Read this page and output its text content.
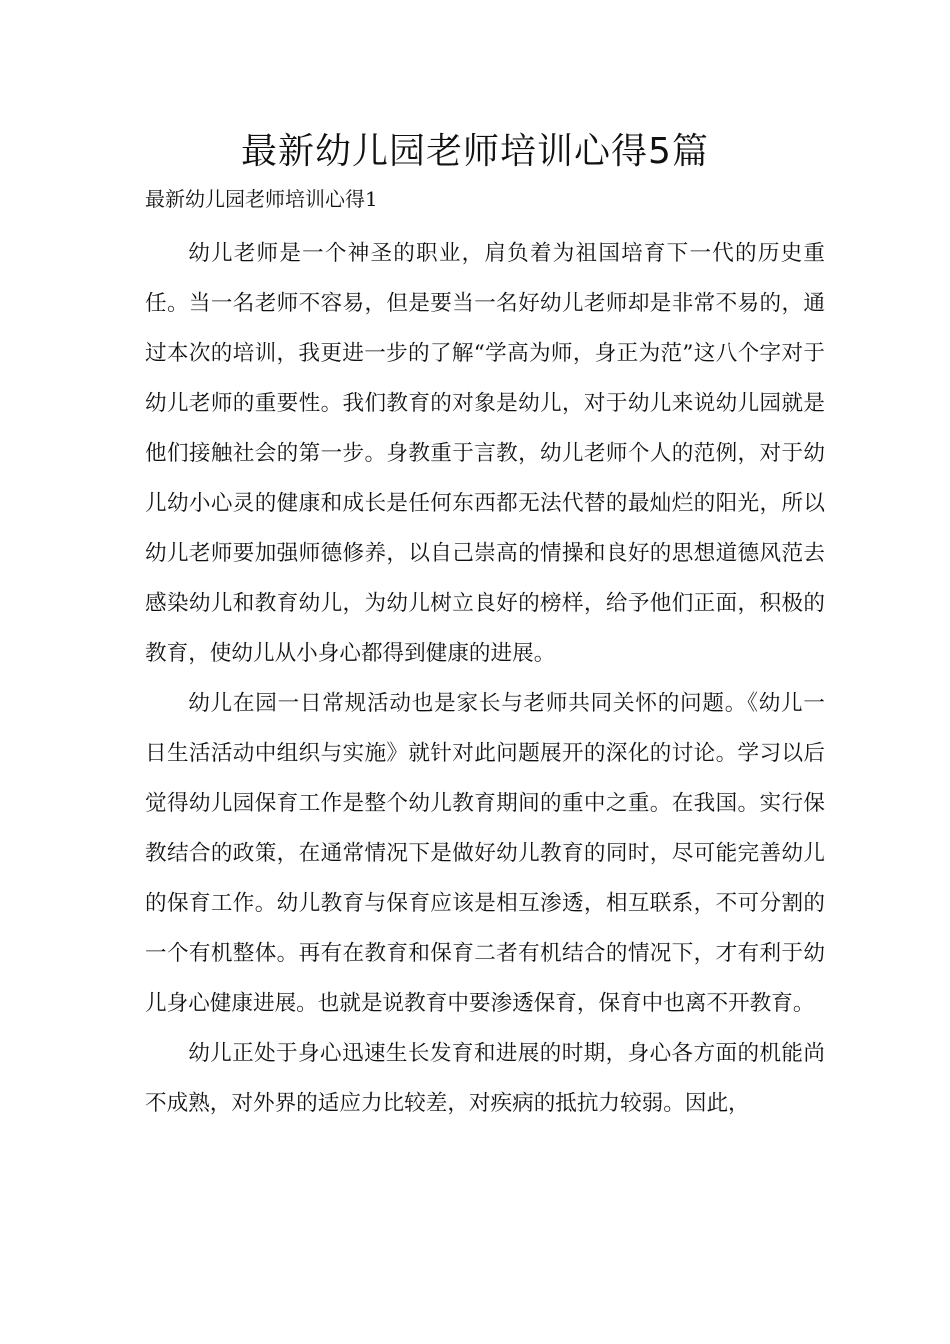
最新幼儿园老师培训心得5篇
最新幼儿园老师培训心得1

幼儿老师是一个神圣的职业，肩负着为祖国培育下一代的历史重任。当一名老师不容易，但是要当一名好幼儿老师却是非常不易的，通过本次的培训，我更进一步的了解“学高为师，身正为范”这八个字对于幼儿老师的重要性。我们教育的对象是幼儿，对于幼儿来说幼儿园就是他们接触社会的第一步。身教重于言教，幼儿老师个人的范例，对于幼儿幼小心灵的健康和成长是任何东西都无法代替的最灿烂的阳光，所以幼儿老师要加强师德修养，以自己崇高的情操和良好的思想道德风范去感染幼儿和教育幼儿，为幼儿树立良好的榜样，给予他们正面，积极的教育，使幼儿从小身心都得到健康的进展。

幼儿在园一日常规活动也是家长与老师共同关怀的问题。《幼儿一日生活活动中组织与实施》就针对此问题展开的深化的讨论。学习以后觉得幼儿园保育工作是整个幼儿教育期间的重中之重。在我国。实行保教结合的政策，在通常情况下是做好幼儿教育的同时，尽可能完善幼儿的保育工作。幼儿教育与保育应该是相互渗透，相互联系，不可分割的一个有机整体。再有在教育和保育二者有机结合的情况下，才有利于幼儿身心健康进展。也就是说教育中要渗透保育，保育中也离不开教育。

幼儿正处于身心迅速生长发育和进展的时期，身心各方面的机能尚不成熟，对外界的适应力比较差，对疾病的抵抗力较弱。因此，
